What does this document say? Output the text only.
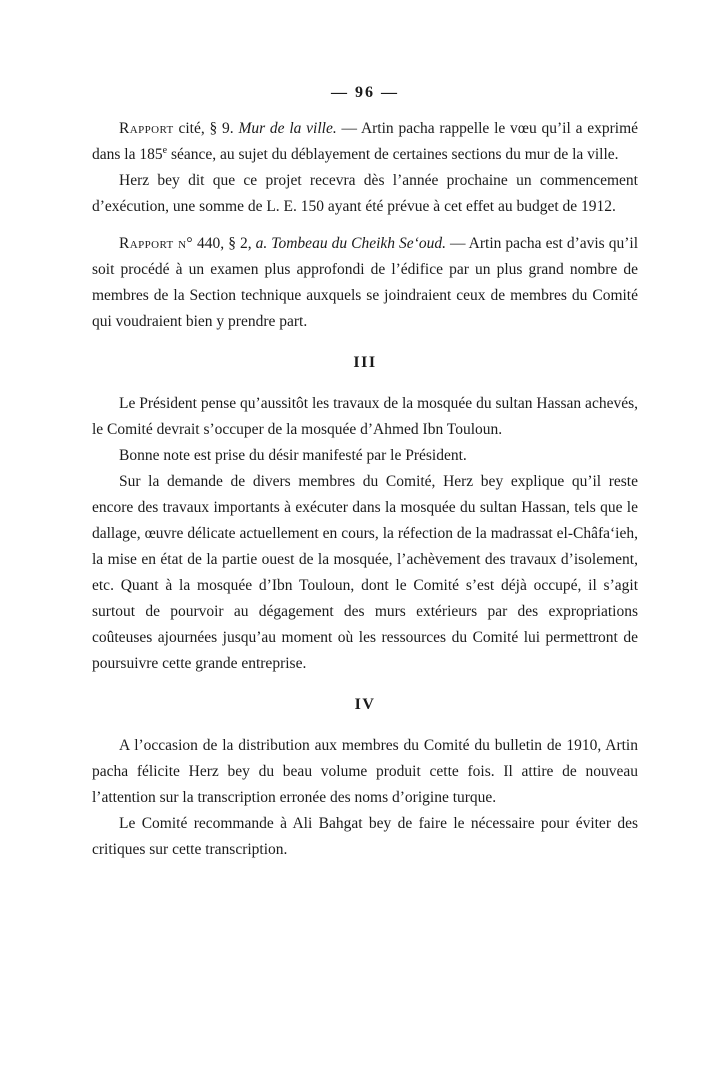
— 96 —

Rapport cité, § 9. Mur de la ville. — Artin pacha rappelle le vœu qu’il a exprimé dans la 185e séance, au sujet du déblayement de certaines sections du mur de la ville.

Herz bey dit que ce projet recevra dès l’année prochaine un commencement d’exécution, une somme de L. E. 150 ayant été prévue à cet effet au budget de 1912.

Rapport n° 440, § 2, a. Tombeau du Cheikh Se‘oud. — Artin pacha est d’avis qu’il soit procédé à un examen plus approfondi de l’édifice par un plus grand nombre de membres de la Section technique auxquels se joindraient ceux de membres du Comité qui voudraient bien y prendre part.

III

Le Président pense qu’aussitôt les travaux de la mosquée du sultan Hassan achevés, le Comité devrait s’occuper de la mosquée d’Ahmed Ibn Touloun.

Bonne note est prise du désir manifesté par le Président.

Sur la demande de divers membres du Comité, Herz bey explique qu’il reste encore des travaux importants à exécuter dans la mosquée du sultan Hassan, tels que le dallage, œuvre délicate actuellement en cours, la réfection de la madrassat el-Châfa‘ieh, la mise en état de la partie ouest de la mosquée, l’achèvement des travaux d’isolement, etc. Quant à la mosquée d’Ibn Touloun, dont le Comité s’est déjà occupé, il s’agit surtout de pourvoir au dégagement des murs extérieurs par des expropriations coûteuses ajournées jusqu’au moment où les ressources du Comité lui permettront de poursuivre cette grande entreprise.

IV

A l’occasion de la distribution aux membres du Comité du bulletin de 1910, Artin pacha félicite Herz bey du beau volume produit cette fois. Il attire de nouveau l’attention sur la transcription erronée des noms d’origine turque.

Le Comité recommande à Ali Bahgat bey de faire le nécessaire pour éviter des critiques sur cette transcription.
